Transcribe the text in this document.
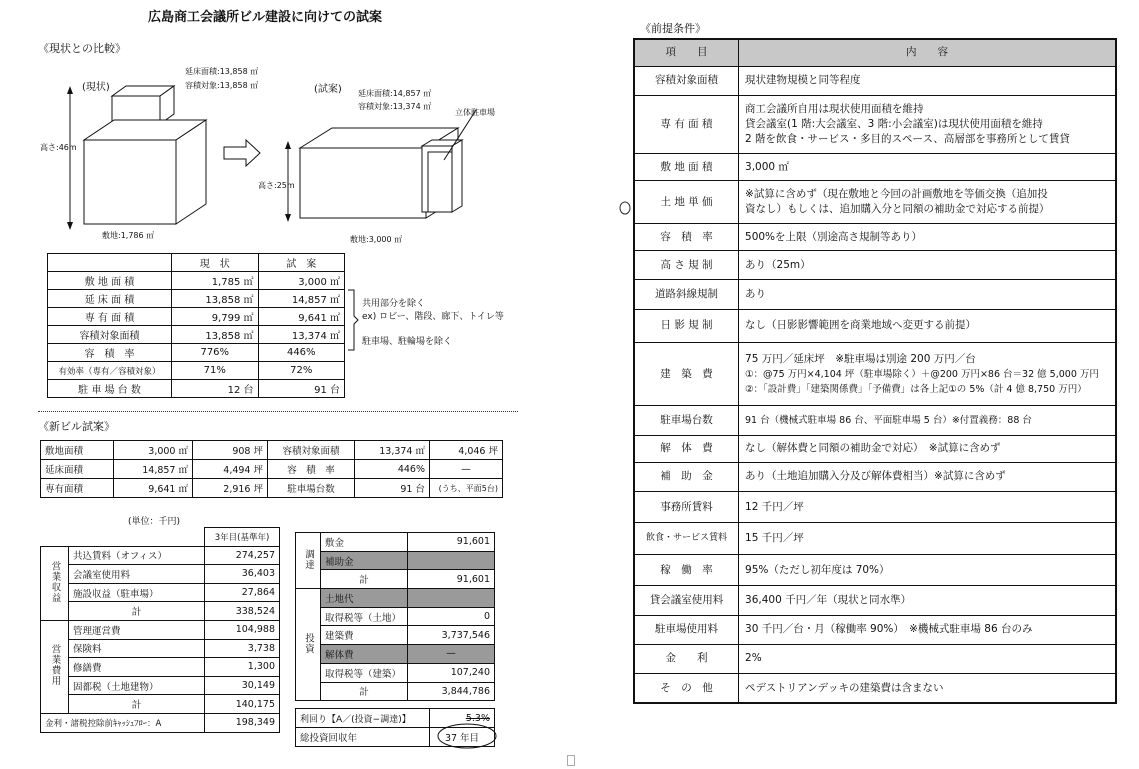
広島商工会議所ビル建設に向けての試案
《現状との比較》
(現状)
延床面積:13,858 ㎡
容積対象:13,858 ㎡
高さ:46m
敷地:1,786 ㎡
(試案) 延床面積:14,857 ㎡
容積対象:13,374 ㎡
立体駐車場
高さ:25m
敷地:3,000 ㎡
	現　状	試　案
敷 地 面 積	1,785 ㎡	3,000 ㎡
延 床 面 積	13,858 ㎡	14,857 ㎡
専 有 面 積	9,799 ㎡	9,641 ㎡
容積対象面積	13,858 ㎡	13,374 ㎡
容　積　率	776%	446%
有効率（専有／容積対象）	71%	72%
駐 車 場 台 数	12 台	91 台
共用部分を除く
ex) ロビー、階段、廊下、トイレ等
駐車場、駐輪場を除く
《新ビル試案》
敷地面積	3,000 ㎡	908 坪	容積対象面積	13,374 ㎡	4,046 坪
延床面積	14,857 ㎡	4,494 坪	容　積　率	446%	—
専有面積	9,641 ㎡	2,916 坪	駐車場台数	91 台	(うち、平面5台)
(単位：千円)
		3年目(基準年)
営業収益	共込賃料（オフィス）	274,257
	会議室使用料	36,403
	施設収益（駐車場）	27,864
	計	338,524
営業費用	管理運営費	104,988
	保険料	3,738
	修繕費	1,300
	固都税（土地建物）	30,149
	計	140,175
金利・諸税控除前ｷｬｯｼｭﾌﾛｰ：A		198,349
調達	敷金	91,601
	補助金	
	計	91,601
投資	土地代	
	取得税等（土地）	0
	建築費	3,737,546
	解体費	—
	取得税等（建築）	107,240
	計	3,844,786
利回り【A／(投資−調達)】	5.3%
総投資回収年	37 年目
《前提条件》
項　　目	内　　容
容積対象面積	現状建物規模と同等程度

専 有 面 積	商工会議所自用は現状使用面積を維持
貸会議室(1 階:大会議室、3 階:小会議室)は現状使用面積を維持
2 階を飲食・サービス・多目的スペース、高層部を事務所として賃貸

敷 地 面 積	3,000 ㎡

土 地 単 価	※試算に含めず（現在敷地と今回の計画敷地を等価交換（追加投
資なし）もしくは、追加購入分と同額の補助金で対応する前提）

容　積　率	500%を上限（別途高さ規制等あり）

高 さ 規 制	あり（25m）

道路斜線規制	あり

日 影 規 制	なし（日影影響範囲を商業地域へ変更する前提）

建　築　費	75 万円／延床坪　※駐車場は別途 200 万円／台
①：@75 万円×4,104 坪（駐車場除く）＋@200 万円×86 台＝32 億 5,000 万円
②：「設計費」「建築関係費」「予備費」は各上記①の 5%（計 4 億 8,750 万円）

駐車場台数	91 台（機械式駐車場 86 台、平面駐車場 5 台）※付置義務：88 台

解　体　費	なし（解体費と同額の補助金で対応）　※試算に含めず

補　助　金	あり（土地追加購入分及び解体費相当）※試算に含めず

事務所賃料	12 千円／坪

飲食・サービス賃料	15 千円／坪

稼　働　率	95%（ただし初年度は 70%）

貸会議室使用料	36,400 千円／年（現状と同水準）

駐車場使用料	30 千円／台・月（稼働率 90%）　※機械式駐車場 86 台のみ

金　　利	2%

そ　の　他	ペデストリアンデッキの建築費は含まない
